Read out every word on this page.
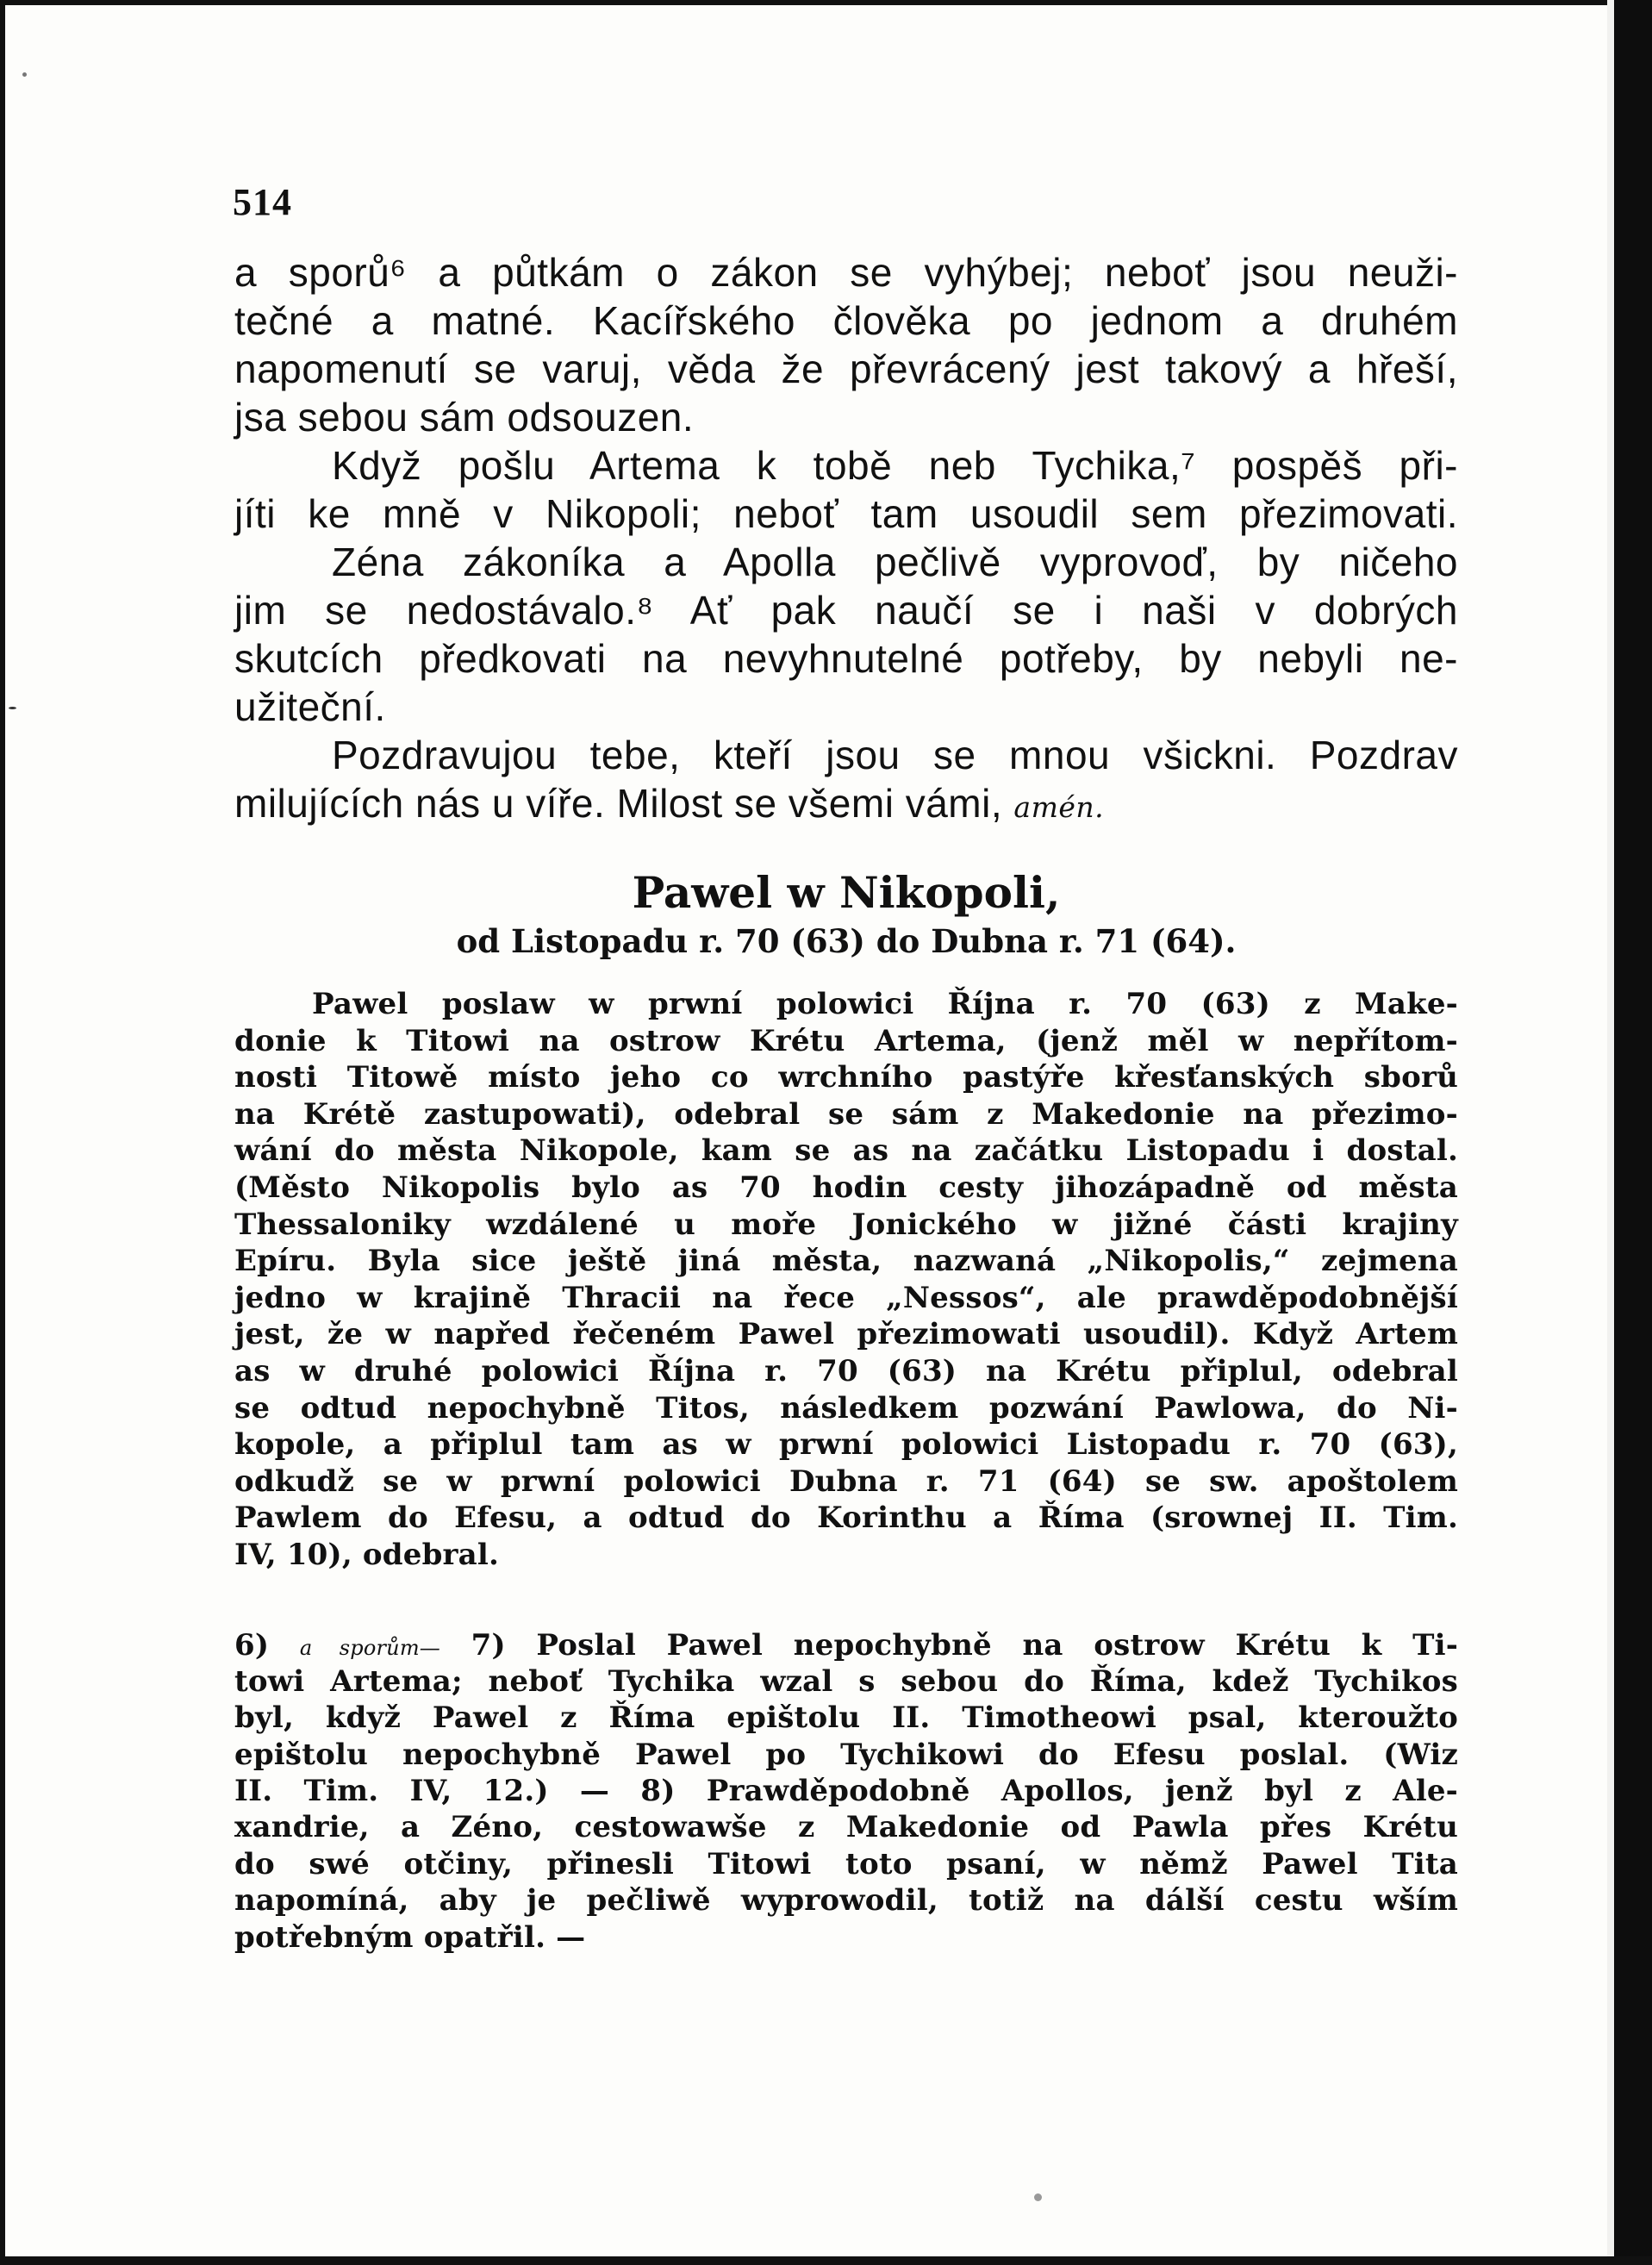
514
a sporů⁶ a půtkám o zákon se vyhýbej; neboť jsou neuži-
tečné a matné. Kacířského člověka po jednom a druhém
napomenutí se varuj, věda že převrácený jest takový a hřeší,
jsa sebou sám odsouzen.
Když pošlu Artema k tobě neb Tychika,⁷ pospěš při-
jíti ke mně v Nikopoli; neboť tam usoudil sem přezimovati.
Zéna zákoníka a Apolla pečlivě vyprovoď, by ničeho
jim se nedostávalo.⁸ Ať pak naučí se i naši v dobrých
skutcích předkovati na nevyhnutelné potřeby, by nebyli ne-
užiteční.
Pozdravujou tebe, kteří jsou se mnou všickni. Pozdrav
milujících nás u víře. Milost se všemi vámi, amén.
Pawel w Nikopoli,
od Listopadu r. 70 (63) do Dubna r. 71 (64).
Pawel poslaw w prwní polowici Října r. 70 (63) z Make-
donie k Titowi na ostrow Krétu Artema, (jenž měl w nepřítom-
nosti Titowě místo jeho co wrchního pastýře křesťanských sborů
na Krétě zastupowati), odebral se sám z Makedonie na přezimo-
wání do města Nikopole, kam se as na začátku Listopadu i dostal.
(Město Nikopolis bylo as 70 hodin cesty jihozápadně od města
Thessaloniky wzdálené u moře Jonického w jižné části krajiny
Epíru. Byla sice ještě jiná města, nazwaná „Nikopolis,“ zejmena
jedno w krajině Thracii na řece „Nessos“, ale prawděpodobnější
jest, že w napřed řečeném Pawel přezimowati usoudil). Když Artem
as w druhé polowici Října r. 70 (63) na Krétu připlul, odebral
se odtud nepochybně Titos, následkem pozwání Pawlowa, do Ni-
kopole, a připlul tam as w prwní polowici Listopadu r. 70 (63),
odkudž se w prwní polowici Dubna r. 71 (64) se sw. apoštolem
Pawlem do Efesu, a odtud do Korinthu a Říma (srownej II. Tim.
IV, 10), odebral.
6) a sporům— 7) Poslal Pawel nepochybně na ostrow Krétu k Ti-
towi Artema; neboť Tychika wzal s sebou do Říma, kdež Tychikos
byl, když Pawel z Říma epištolu II. Timotheowi psal, kteroužto
epištolu nepochybně Pawel po Tychikowi do Efesu poslal. (Wiz
II. Tim. IV, 12.) — 8) Prawděpodobně Apollos, jenž byl z Ale-
xandrie, a Zéno, cestowawše z Makedonie od Pawla přes Krétu
do swé otčiny, přinesli Titowi toto psaní, w němž Pawel Tita
napomíná, aby je pečliwě wyprowodil, totiž na dálší cestu wším
potřebným opatřil. —
